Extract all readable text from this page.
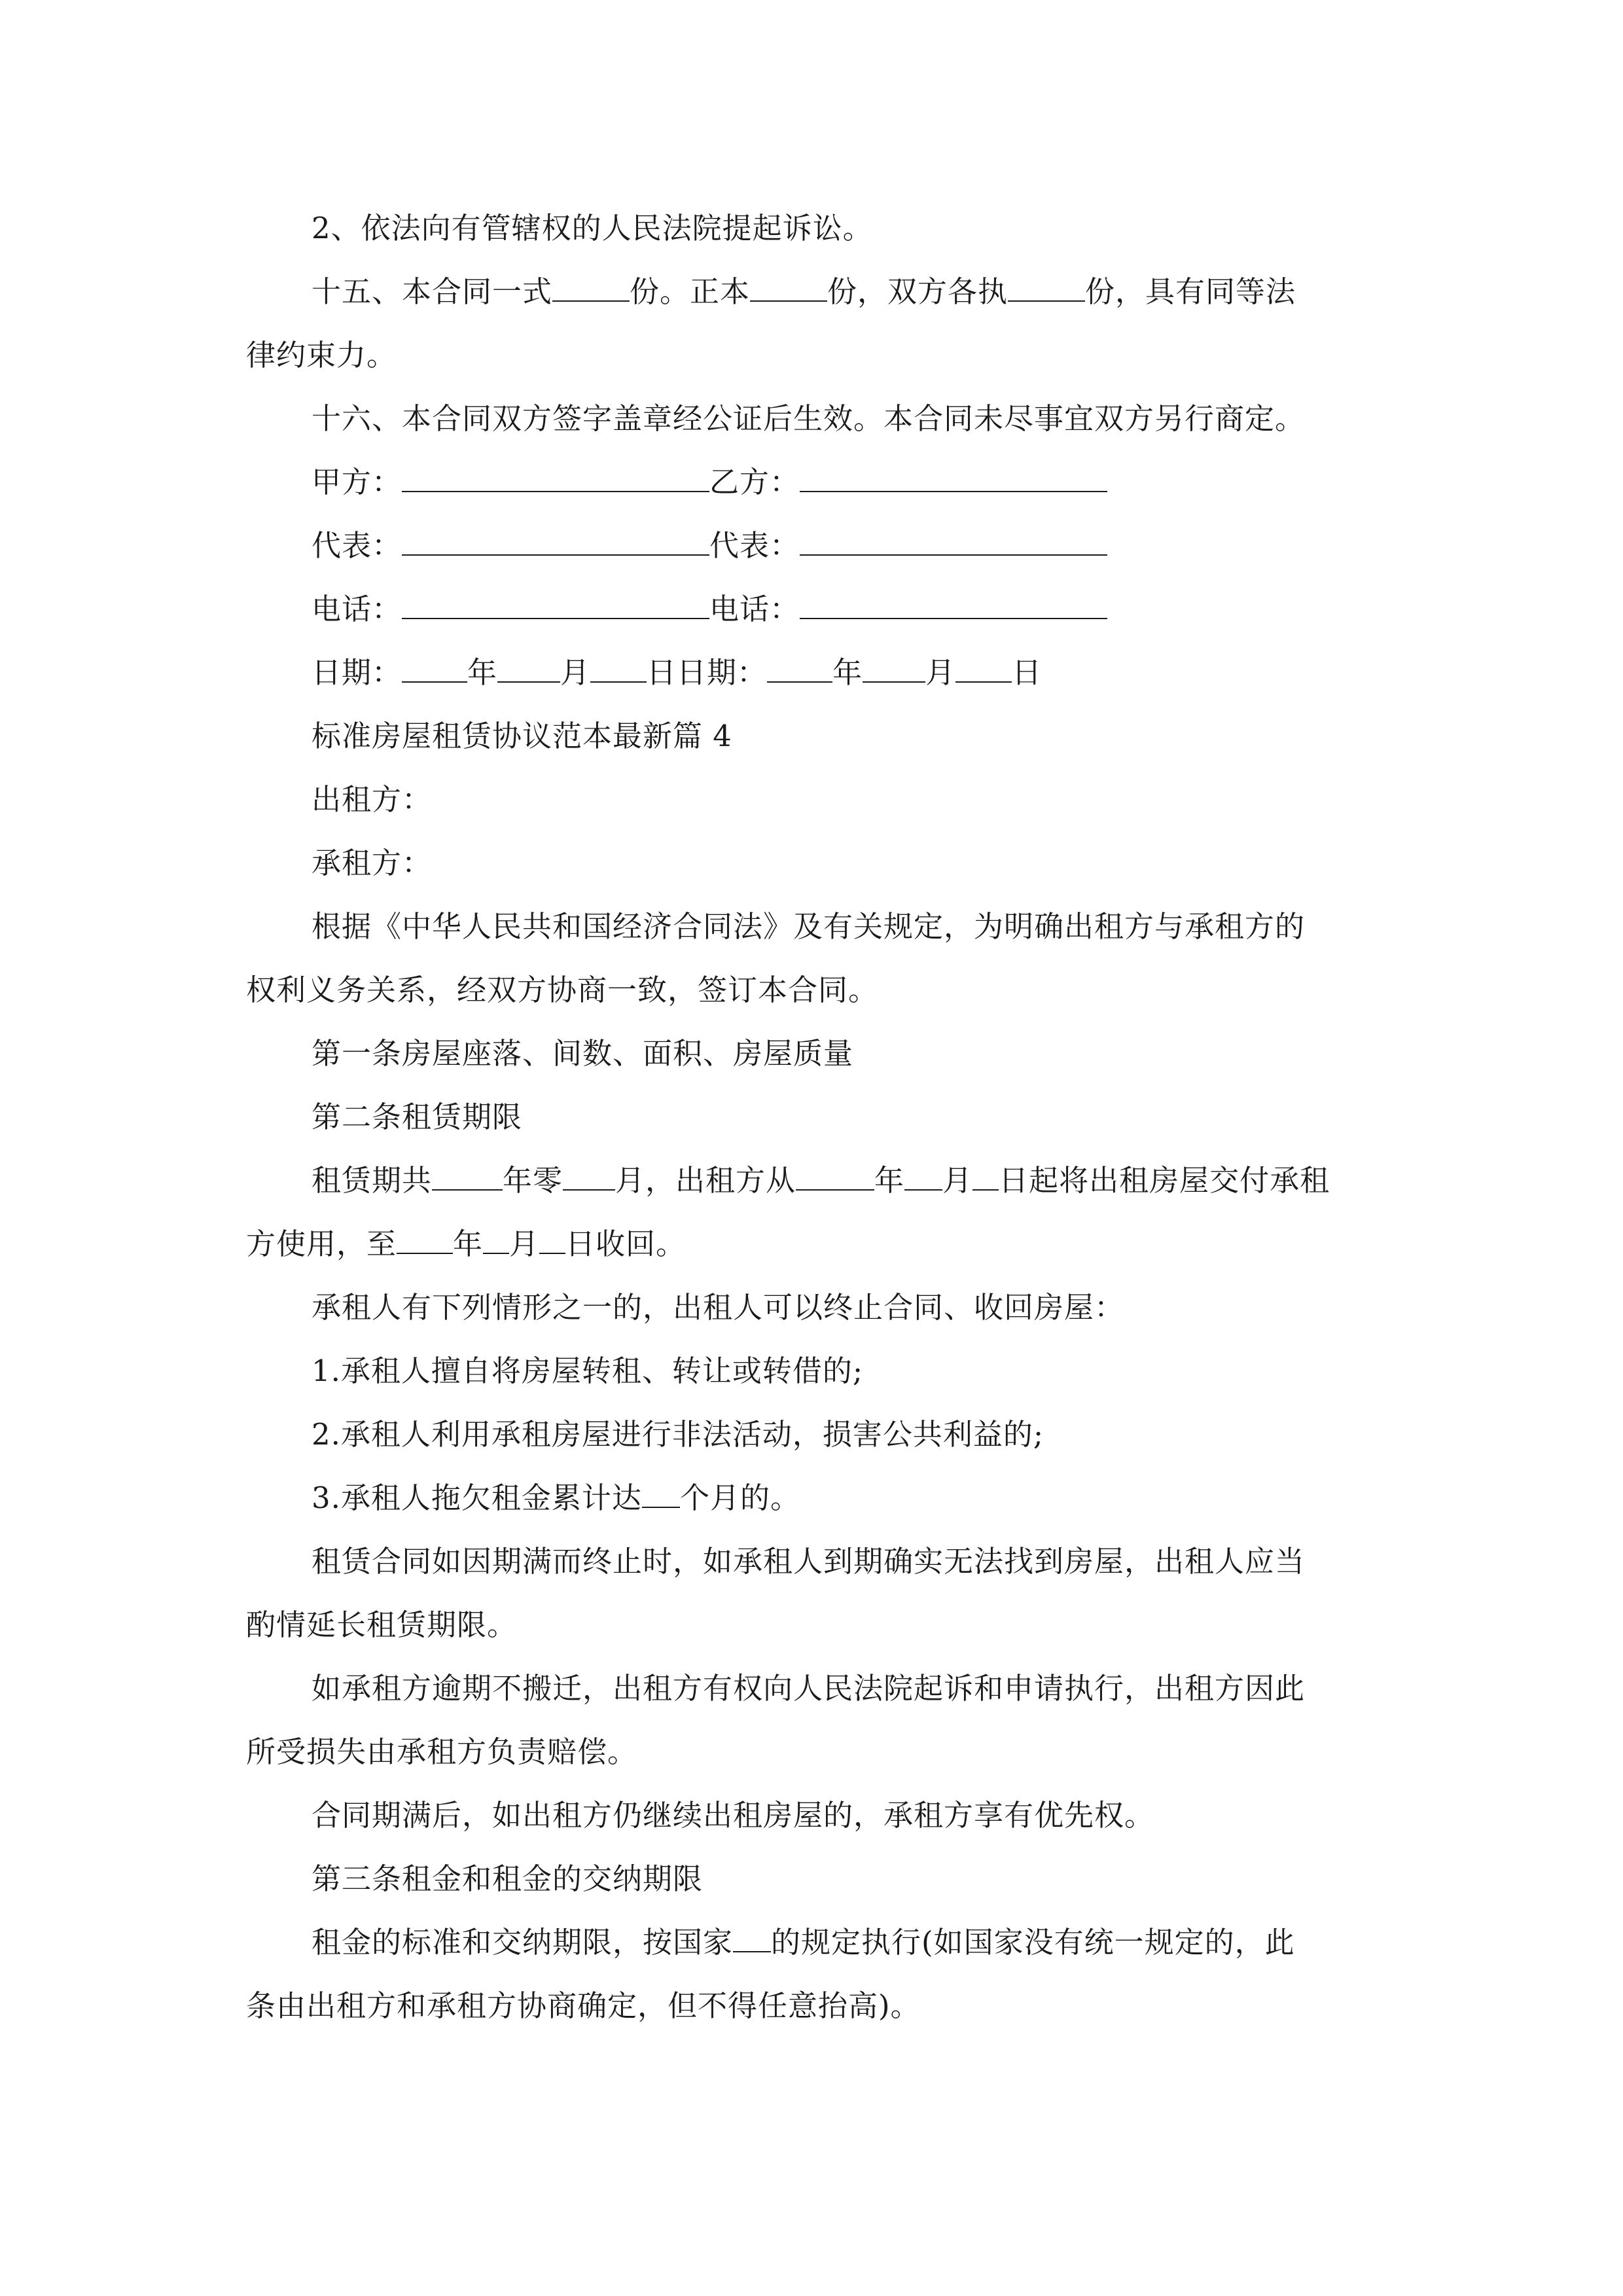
2、依法向有管辖权的人民法院提起诉讼。
十五、本合同一式	份。正本	份，双方各执	份，具有同等法
律约束力。
十六、本合同双方签字盖章经公证后生效。本合同未尽事宜双方另行商定。
甲方：	乙方：
代表：	代表：
电话：	电话：
日期： 年 月 日日期： 年 月 日
标准房屋租赁协议范本最新篇 4
出租方：
承租方：
根据《中华人民共和国经济合同法》及有关规定，为明确出租方与承租方的
权利义务关系，经双方协商一致，签订本合同。
第一条房屋座落、间数、面积、房屋质量
第二条租赁期限
租赁期共 年零 月，出租方从	年 月 日起将出租房屋交付承租
方使用，至 年 月 日收回。
承租人有下列情形之一的，出租人可以终止合同、收回房屋：
1.承租人擅自将房屋转租、转让或转借的;
2.承租人利用承租房屋进行非法活动，损害公共利益的;
3.承租人拖欠租金累计达 个月的。
租赁合同如因期满而终止时，如承租人到期确实无法找到房屋，出租人应当
酌情延长租赁期限。
如承租方逾期不搬迁，出租方有权向人民法院起诉和申请执行，出租方因此
所受损失由承租方负责赔偿。
合同期满后，如出租方仍继续出租房屋的，承租方享有优先权。
第三条租金和租金的交纳期限
租金的标准和交纳期限，按国家 的规定执行(如国家没有统一规定的，此
条由出租方和承租方协商确定，但不得任意抬高)。
